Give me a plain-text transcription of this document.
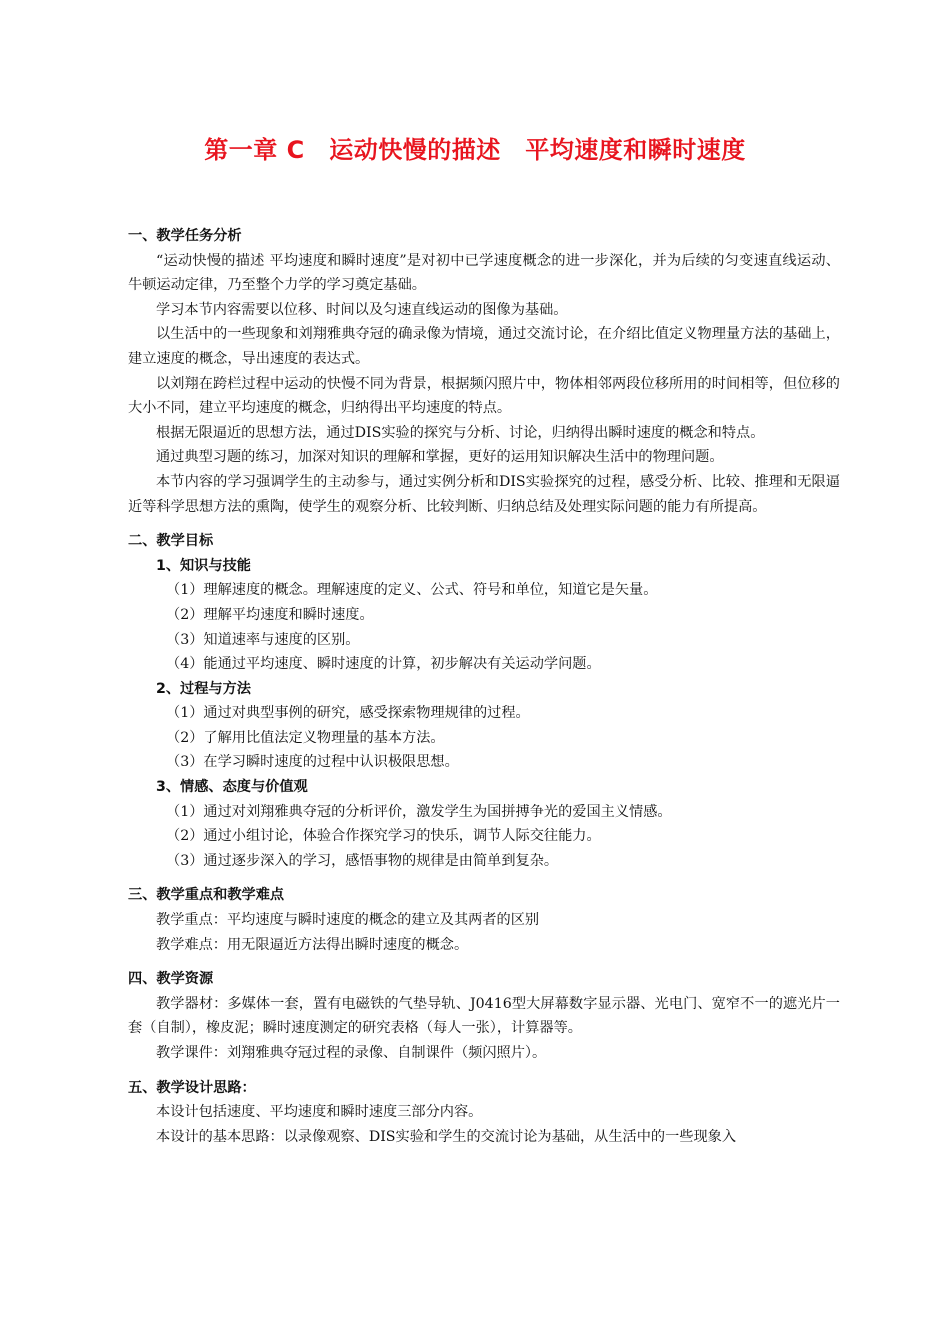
第一章 C　运动快慢的描述　平均速度和瞬时速度
一、教学任务分析

“运动快慢的描述 平均速度和瞬时速度”是对初中已学速度概念的进一步深化，并为后续的匀变速直线运动、牛顿运动定律，乃至整个力学的学习奠定基础。

学习本节内容需要以位移、时间以及匀速直线运动的图像为基础。

以生活中的一些现象和刘翔雅典夺冠的确录像为情境，通过交流讨论，在介绍比值定义物理量方法的基础上，建立速度的概念，导出速度的表达式。

以刘翔在跨栏过程中运动的快慢不同为背景，根据频闪照片中，物体相邻两段位移所用的时间相等，但位移的大小不同，建立平均速度的概念，归纳得出平均速度的特点。

根据无限逼近的思想方法，通过DIS实验的探究与分析、讨论，归纳得出瞬时速度的概念和特点。

通过典型习题的练习，加深对知识的理解和掌握，更好的运用知识解决生活中的物理问题。

本节内容的学习强调学生的主动参与，通过实例分析和DIS实验探究的过程，感受分析、比较、推理和无限逼近等科学思想方法的熏陶，使学生的观察分析、比较判断、归纳总结及处理实际问题的能力有所提高。

二、教学目标
1、知识与技能

（1）理解速度的概念。理解速度的定义、公式、符号和单位，知道它是矢量。

（2）理解平均速度和瞬时速度。

（3）知道速率与速度的区别。

（4）能通过平均速度、瞬时速度的计算，初步解决有关运动学问题。

2、过程与方法

（1）通过对典型事例的研究，感受探索物理规律的过程。

（2）了解用比值法定义物理量的基本方法。

（3）在学习瞬时速度的过程中认识极限思想。

3、情感、态度与价值观

（1）通过对刘翔雅典夺冠的分析评价，激发学生为国拼搏争光的爱国主义情感。

（2）通过小组讨论，体验合作探究学习的快乐，调节人际交往能力。

（3）通过逐步深入的学习，感悟事物的规律是由简单到复杂。

三、教学重点和教学难点

教学重点：平均速度与瞬时速度的概念的建立及其两者的区别

教学难点：用无限逼近方法得出瞬时速度的概念。

四、教学资源

教学器材：多媒体一套，置有电磁铁的气垫导轨、J0416型大屏幕数字显示器、光电门、宽窄不一的遮光片一套（自制），橡皮泥；瞬时速度测定的研究表格（每人一张），计算器等。

教学课件：刘翔雅典夺冠过程的录像、自制课件（频闪照片）。

五、教学设计思路：

本设计包括速度、平均速度和瞬时速度三部分内容。

本设计的基本思路：以录像观察、DIS实验和学生的交流讨论为基础，从生活中的一些现象入
